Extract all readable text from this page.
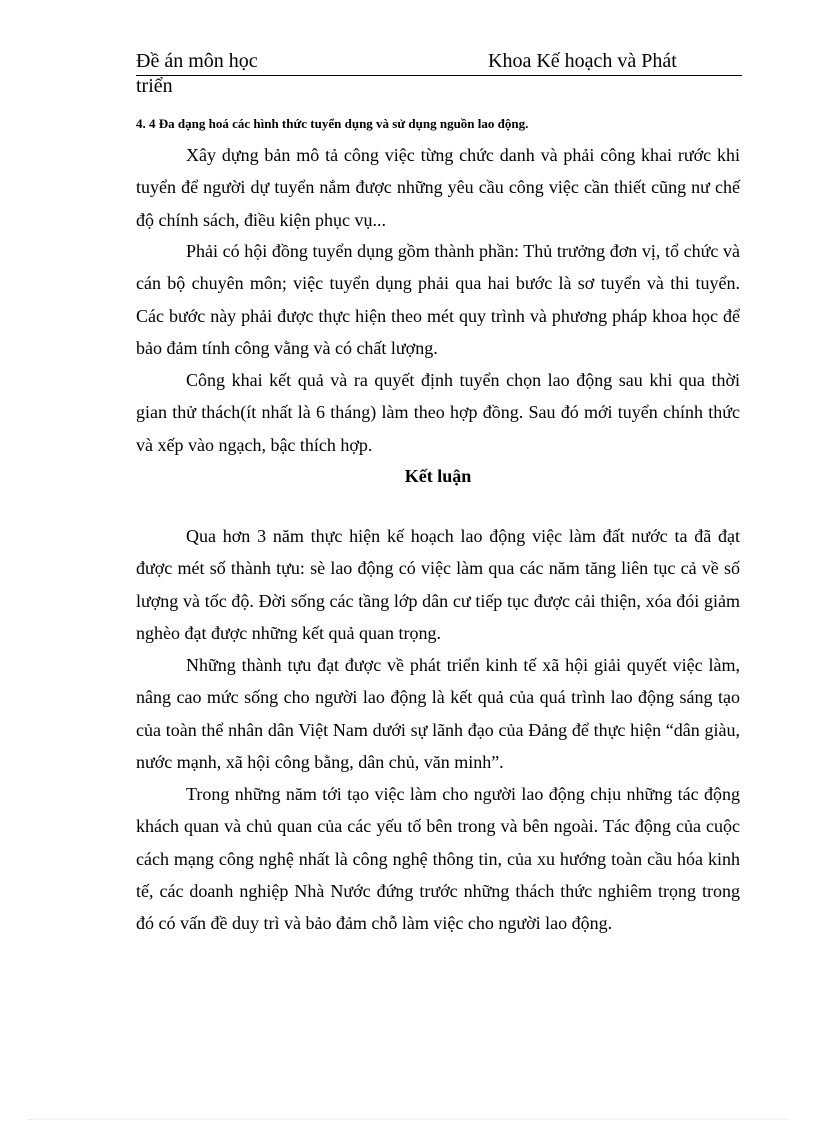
Đề án môn học	Khoa Kế hoạch và Phát
triển
4. 4 Đa dạng hoá các hình thức tuyển dụng và sử dụng nguồn lao động.

Xây dựng bản mô tả công việc từng chức danh và phải công khai rước khi tuyển để người dự tuyển nắm được những yêu cầu công việc cần thiết cũng nư chế độ chính sách, điều kiện phục vụ...

Phải có hội đồng tuyển dụng gồm thành phần: Thủ trưởng đơn vị, tổ chức và cán bộ chuyên môn; việc tuyển dụng phải qua hai bước là sơ tuyển và thi tuyển. Các bước này phải được thực hiện theo mét quy trình và phương pháp khoa học để bảo đảm tính công vằng và có chất lượng.

Công khai kết quả và ra quyết định tuyển chọn lao động sau khi qua thời gian thử thách(ít nhất là 6 tháng) làm theo hợp đồng. Sau đó mới tuyển chính thức và xếp vào ngạch, bậc thích hợp.

Kết luận

Qua hơn 3 năm thực hiện kế hoạch lao động việc làm đất nước ta đã đạt được mét số thành tựu: sè lao động có việc làm qua các năm tăng liên tục cả về số lượng và tốc độ. Đời sống các tầng lớp dân cư tiếp tục được cải thiện, xóa đói giảm nghèo đạt được những kết quả quan trọng.

Những thành tựu đạt được về phát triển kinh tế xã hội giải quyết việc làm, nâng cao mức sống cho người lao động là kết quả của quá trình lao động sáng tạo của toàn thể nhân dân Việt Nam dưới sự lãnh đạo của Đảng để thực hiện “dân giàu, nước mạnh, xã hội công bằng, dân chủ, văn minh”.

Trong những năm tới tạo việc làm cho người lao động chịu những tác động khách quan và chủ quan của các yếu tố bên trong và bên ngoài. Tác động của cuộc cách mạng công nghệ nhất là công nghệ thông tin, của xu hướng toàn cầu hóa kinh tế, các doanh nghiệp Nhà Nước đứng trước những thách thức nghiêm trọng trong đó có vấn đề duy trì và bảo đảm chỗ làm việc cho người lao động.
